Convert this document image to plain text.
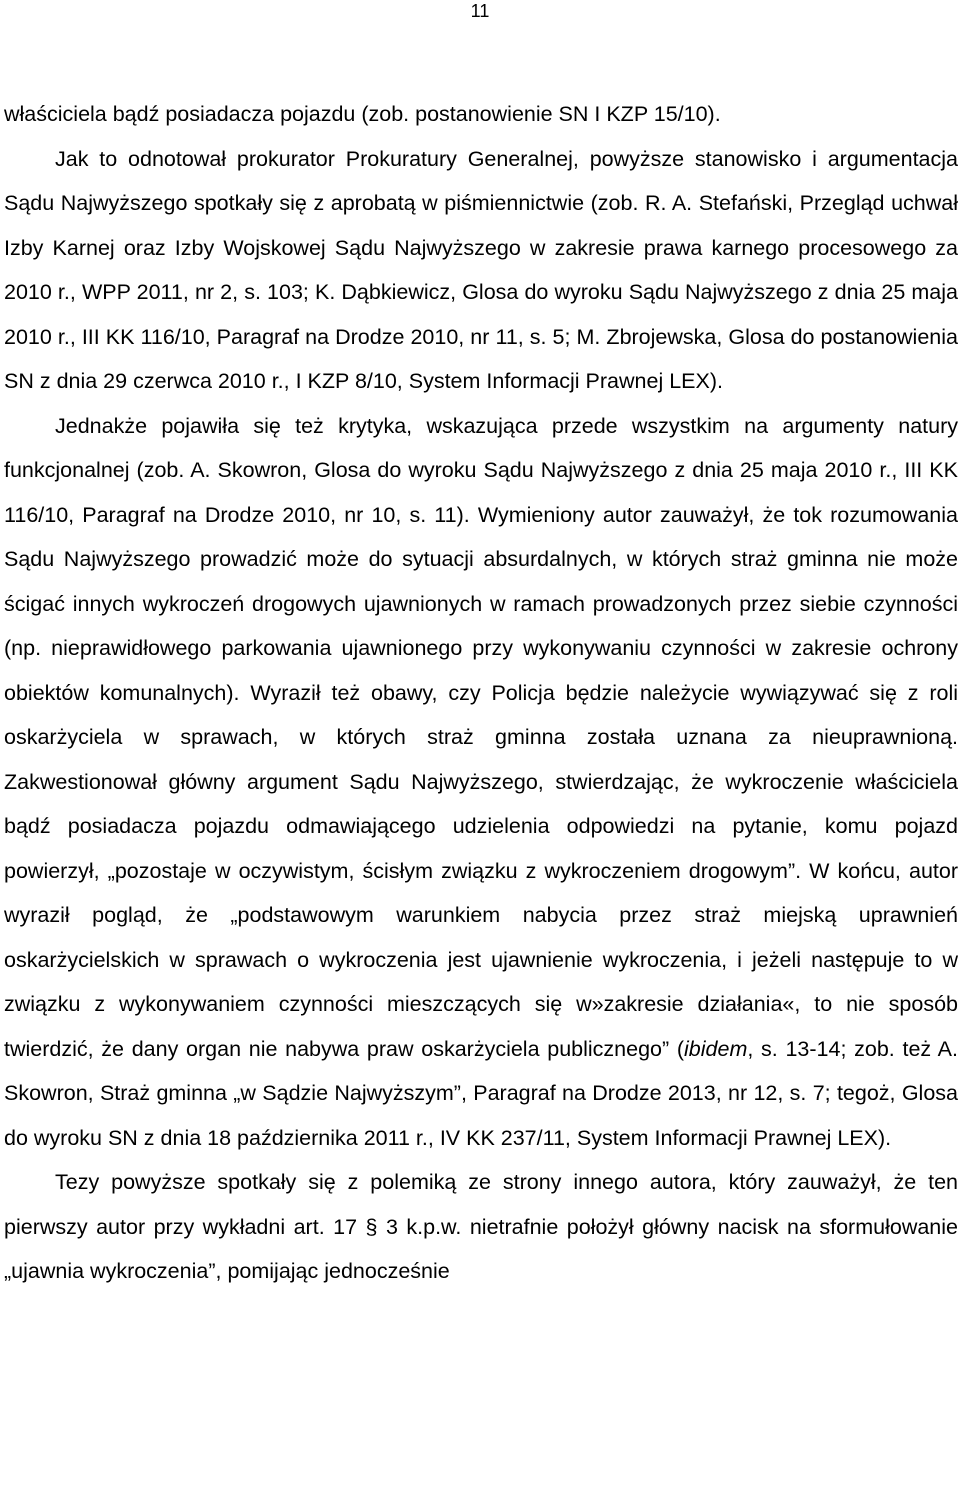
11

właściciela bądź posiadacza pojazdu (zob. postanowienie SN I KZP 15/10).

Jak to odnotował prokurator Prokuratury Generalnej, powyższe stanowisko i argumentacja Sądu Najwyższego spotkały się z aprobatą w piśmiennictwie (zob. R. A. Stefański, Przegląd uchwał Izby Karnej oraz Izby Wojskowej Sądu Najwyższego w zakresie prawa karnego procesowego za 2010 r., WPP 2011, nr 2, s. 103; K. Dąbkiewicz, Glosa do wyroku Sądu Najwyższego z dnia 25 maja 2010 r., III KK 116/10, Paragraf na Drodze 2010, nr 11, s. 5; M. Zbrojewska, Glosa do postanowienia SN z dnia 29 czerwca 2010 r., I KZP 8/10, System Informacji Prawnej LEX).

Jednakże pojawiła się też krytyka, wskazująca przede wszystkim na argumenty natury funkcjonalnej (zob. A. Skowron, Glosa do wyroku Sądu Najwyższego z dnia 25 maja 2010 r., III KK 116/10, Paragraf na Drodze 2010, nr 10, s. 11). Wymieniony autor zauważył, że tok rozumowania Sądu Najwyższego prowadzić może do sytuacji absurdalnych, w których straż gminna nie może ścigać innych wykroczeń drogowych ujawnionych w ramach prowadzonych przez siebie czynności (np. nieprawidłowego parkowania ujawnionego przy wykonywaniu czynności w zakresie ochrony obiektów komunalnych). Wyraził też obawy, czy Policja będzie należycie wywiązywać się z roli oskarżyciela w sprawach, w których straż gminna została uznana za nieuprawnioną. Zakwestionował główny argument Sądu Najwyższego, stwierdzając, że wykroczenie właściciela bądź posiadacza pojazdu odmawiającego udzielenia odpowiedzi na pytanie, komu pojazd powierzył, „pozostaje w oczywistym, ścisłym związku z wykroczeniem drogowym”. W końcu, autor wyraził pogląd, że „podstawowym warunkiem nabycia przez straż miejską uprawnień oskarżycielskich w sprawach o wykroczenia jest ujawnienie wykroczenia, i jeżeli następuje to w związku z wykonywaniem czynności mieszczących się w»zakresie działania«, to nie sposób twierdzić, że dany organ nie nabywa praw oskarżyciela publicznego” (ibidem, s. 13-14; zob. też A. Skowron, Straż gminna „w Sądzie Najwyższym”, Paragraf na Drodze 2013, nr 12, s. 7; tegoż, Glosa do wyroku SN z dnia 18 października 2011 r., IV KK 237/11, System Informacji Prawnej LEX).

Tezy powyższe spotkały się z polemiką ze strony innego autora, który zauważył, że ten pierwszy autor przy wykładni art. 17 § 3 k.p.w. nietrafnie położył główny nacisk na sformułowanie „ujawnia wykroczenia”, pomijając jednocześnie
